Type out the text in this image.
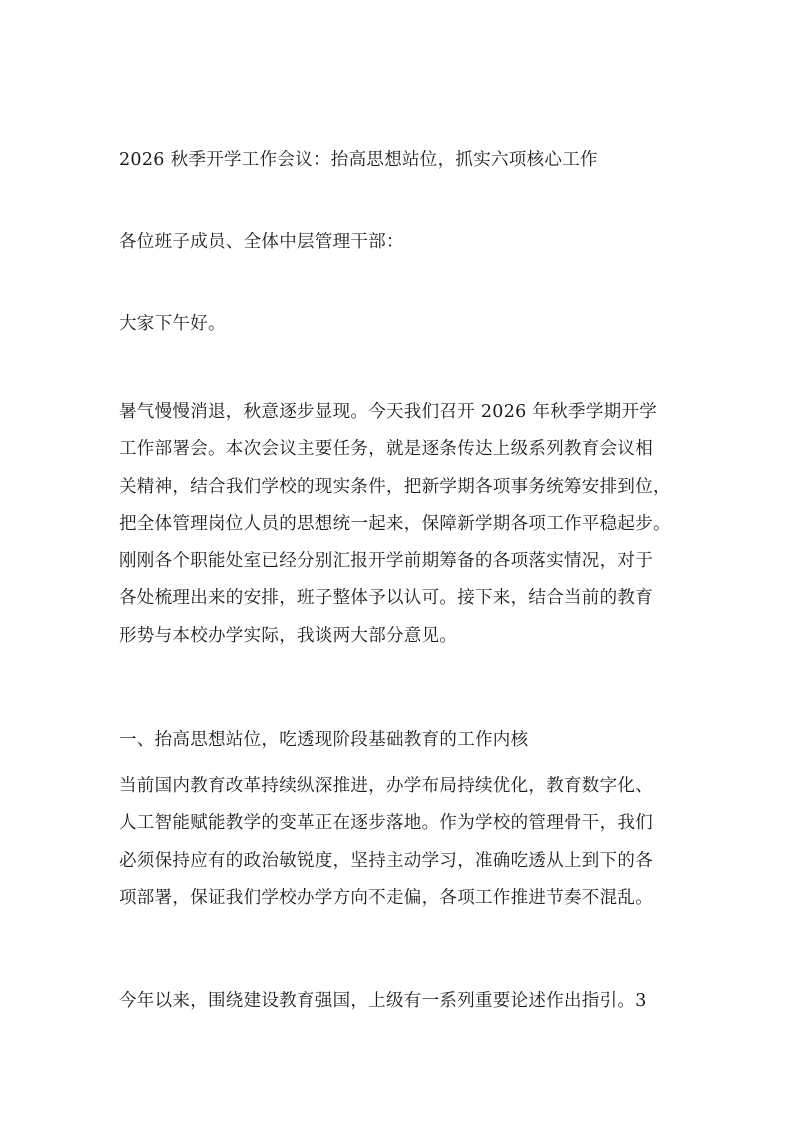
2026 秋季开学工作会议：抬高思想站位，抓实六项核心工作
各位班子成员、全体中层管理干部：
大家下午好。
暑气慢慢消退，秋意逐步显现。今天我们召开 2026 年秋季学期开学
工作部署会。本次会议主要任务，就是逐条传达上级系列教育会议相
关精神，结合我们学校的现实条件，把新学期各项事务统筹安排到位，
把全体管理岗位人员的思想统一起来，保障新学期各项工作平稳起步。
刚刚各个职能处室已经分别汇报开学前期筹备的各项落实情况，对于
各处梳理出来的安排，班子整体予以认可。接下来，结合当前的教育
形势与本校办学实际，我谈两大部分意见。
一、抬高思想站位，吃透现阶段基础教育的工作内核
当前国内教育改革持续纵深推进，办学布局持续优化，教育数字化、
人工智能赋能教学的变革正在逐步落地。作为学校的管理骨干，我们
必须保持应有的政治敏锐度，坚持主动学习，准确吃透从上到下的各
项部署，保证我们学校办学方向不走偏，各项工作推进节奏不混乱。
今年以来，围绕建设教育强国，上级有一系列重要论述作出指引。3
